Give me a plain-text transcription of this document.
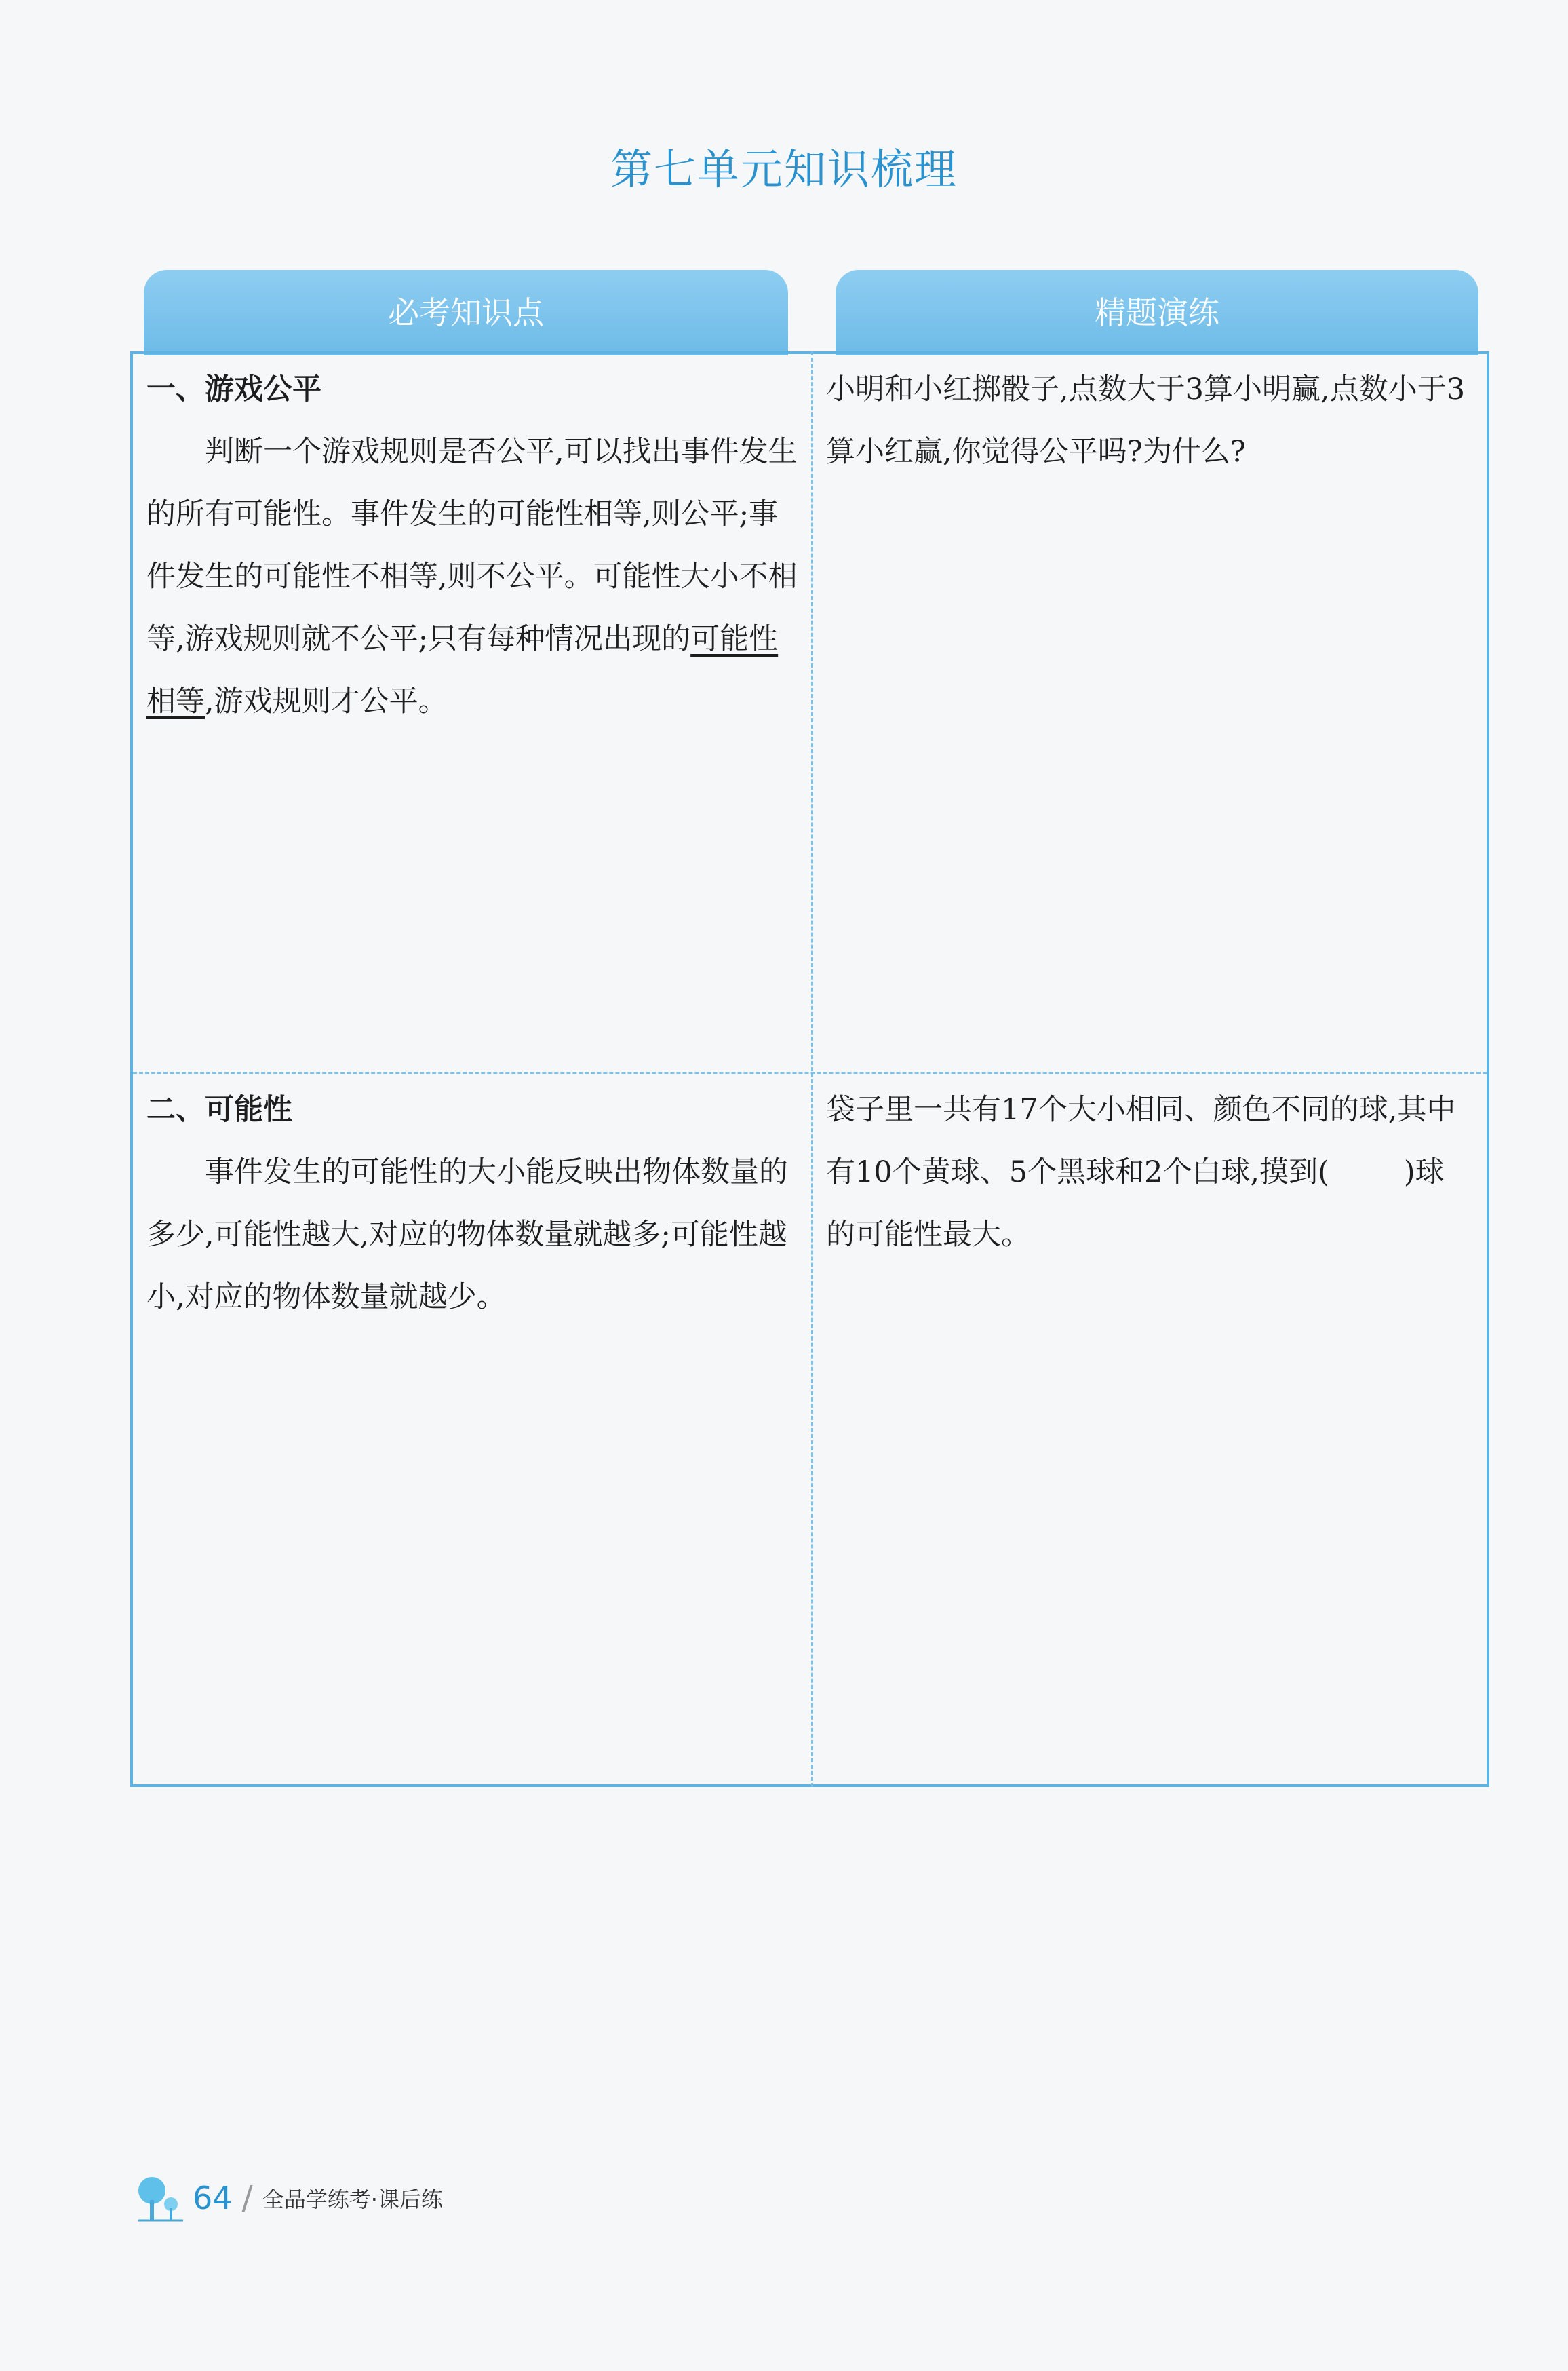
第七单元知识梳理
必考知识点	精题演练

一、游戏公平

判断一个游戏规则是否公平,可以找出事件发生的所有可能性。事件发生的可能性相等,则公平;事件发生的可能性不相等,则不公平。可能性大小不相等,游戏规则就不公平;只有每种情况出现的可能性相等,游戏规则才公平。

二、可能性

事件发生的可能性的大小能反映出物体数量的多少,可能性越大,对应的物体数量就越多;可能性越小,对应的物体数量就越少。

小明和小红掷骰子,点数大于3算小明赢,点数小于3算小红赢,你觉得公平吗?为什么?

袋子里一共有17个大小相同、颜色不同的球,其中有10个黄球、5个黑球和2个白球,摸到(	)球的可能性最大。

64 / 全品学练考·课后练
